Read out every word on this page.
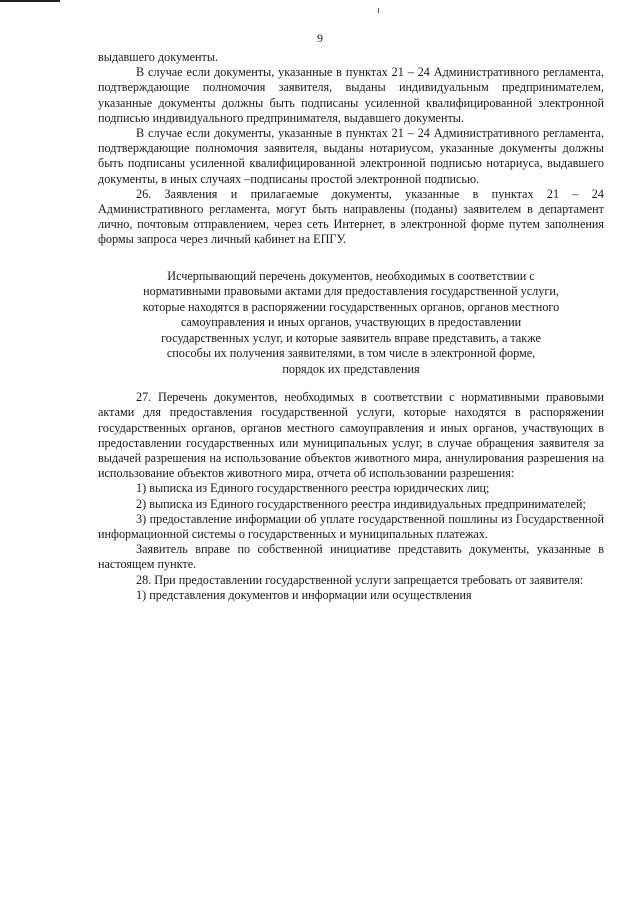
9

выдавшего документы.

В случае если документы, указанные в пунктах 21 – 24 Административного регламента, подтверждающие полномочия заявителя, выданы индивидуальным предпринимателем, указанные документы должны быть подписаны усиленной квалифицированной электронной подписью индивидуального предпринимателя, выдавшего документы.

В случае если документы, указанные в пунктах 21 – 24 Административного регламента, подтверждающие полномочия заявителя, выданы нотариусом, указанные документы должны быть подписаны усиленной квалифицированной электронной подписью нотариуса, выдавшего документы, в иных случаях –подписаны простой электронной подписью.

26. Заявления и прилагаемые документы, указанные в пунктах 21 – 24 Административного регламента, могут быть направлены (поданы) заявителем в департамент лично, почтовым отправлением, через сеть Интернет, в электронной форме путем заполнения формы запроса через личный кабинет на ЕПГУ.

Исчерпывающий перечень документов, необходимых в соответствии с
нормативными правовыми актами для предоставления государственной услуги,
которые находятся в распоряжении государственных органов, органов местного
самоуправления и иных органов, участвующих в предоставлении
государственных услуг, и которые заявитель вправе представить, а также
способы их получения заявителями, в том числе в электронной форме,
порядок их представления

27. Перечень документов, необходимых в соответствии с нормативными правовыми актами для предоставления государственной услуги, которые находятся в распоряжении государственных органов, органов местного самоуправления и иных органов, участвующих в предоставлении государственных или муниципальных услуг, в случае обращения заявителя за выдачей разрешения на использование объектов животного мира, аннулирования разрешения на использование объектов животного мира, отчета об использовании разрешения:

1) выписка из Единого государственного реестра юридических лиц;

2) выписка из Единого государственного реестра индивидуальных предпринимателей;

3) предоставление информации об уплате государственной пошлины из Государственной информационной системы о государственных и муниципальных платежах.

Заявитель вправе по собственной инициативе представить документы, указанные в настоящем пункте.

28. При предоставлении государственной услуги запрещается требовать от заявителя:

1) представления документов и информации или осуществления
